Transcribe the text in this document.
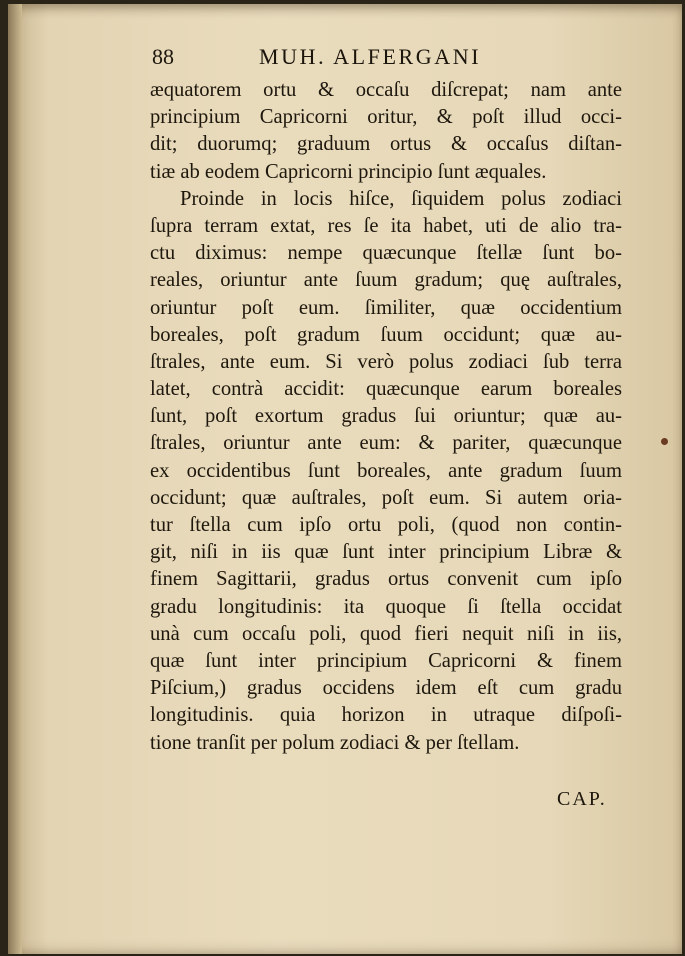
88	MUH. ALFERGANI
æquatorem ortu & occaſu diſcrepat; nam ante
principium Capricorni oritur, & poſt illud occi-
dit; duorumq; graduum ortus & occaſus diſtan-
tiæ ab eodem Capricorni principio ſunt æquales.
Proinde in locis hiſce, ſiquidem polus zodiaci
ſupra terram extat, res ſe ita habet, uti de alio tra-
ctu diximus: nempe quæcunque ſtellæ ſunt bo-
reales, oriuntur ante ſuum gradum; quę auſtrales,
oriuntur poſt eum. ſimiliter, quæ occidentium
boreales, poſt gradum ſuum occidunt; quæ au-
ſtrales, ante eum. Si verò polus zodiaci ſub terra
latet, contrà accidit: quæcunque earum boreales
ſunt, poſt exortum gradus ſui oriuntur; quæ au-
ſtrales, oriuntur ante eum: & pariter, quæcunque
ex occidentibus ſunt boreales, ante gradum ſuum
occidunt; quæ auſtrales, poſt eum. Si autem oria-
tur ſtella cum ipſo ortu poli, (quod non contin-
git, niſi in iis quæ ſunt inter principium Libræ &
finem Sagittarii, gradus ortus convenit cum ipſo
gradu longitudinis: ita quoque ſi ſtella occidat
unà cum occaſu poli, quod fieri nequit niſi in iis,
quæ ſunt inter principium Capricorni & finem
Piſcium,) gradus occidens idem eſt cum gradu
longitudinis. quia horizon in utraque diſpoſi-
tione tranſit per polum zodiaci & per ſtellam.
CAP.
